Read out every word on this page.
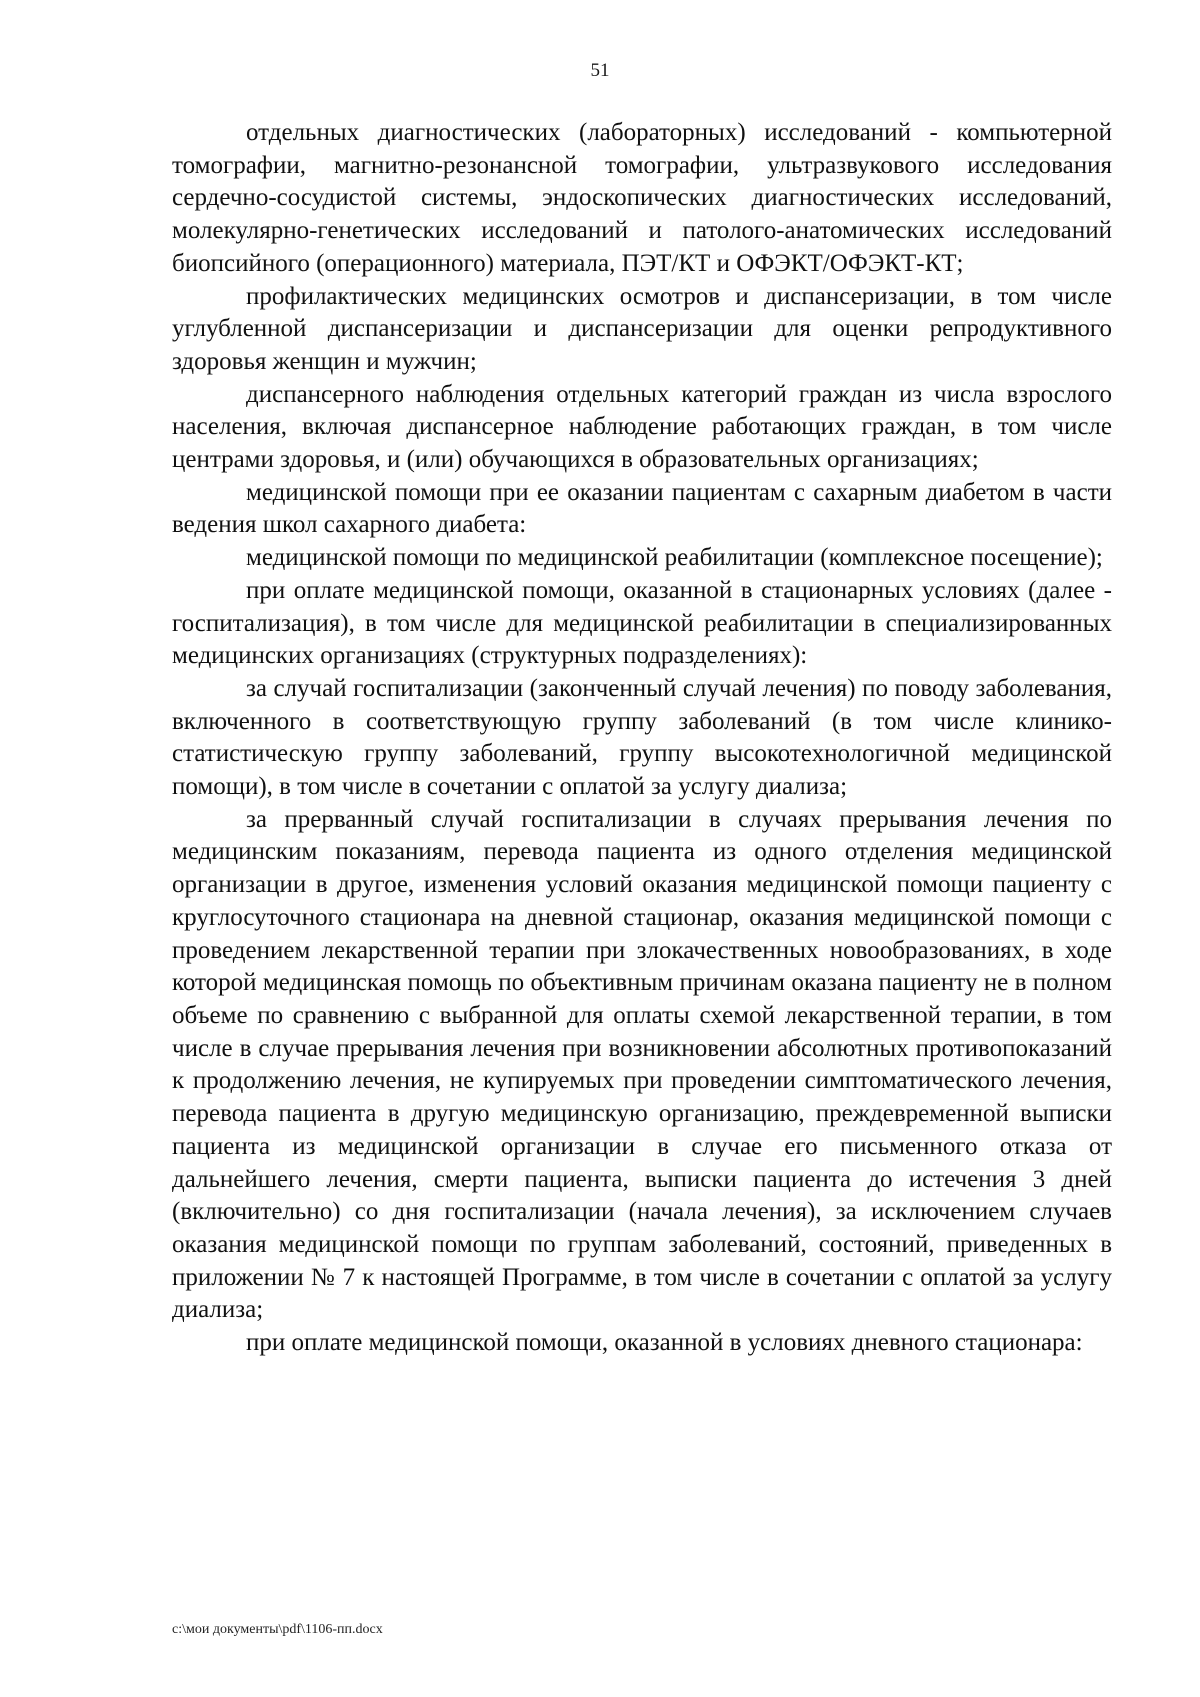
51

отдельных диагностических (лабораторных) исследований - компьютерной томографии, магнитно-резонансной томографии, ультразвукового исследования сердечно-сосудистой системы, эндоскопических диагностических исследований, молекулярно-генетических исследований и патолого-анатомических исследований биопсийного (операционного) материала, ПЭТ/КТ и ОФЭКТ/ОФЭКТ-КТ;

профилактических медицинских осмотров и диспансеризации, в том числе углубленной диспансеризации и диспансеризации для оценки репродуктивного здоровья женщин и мужчин;

диспансерного наблюдения отдельных категорий граждан из числа взрослого населения, включая диспансерное наблюдение работающих граждан, в том числе центрами здоровья, и (или) обучающихся в образовательных организациях;

медицинской помощи при ее оказании пациентам с сахарным диабетом в части ведения школ сахарного диабета:

медицинской помощи по медицинской реабилитации (комплексное посещение);

при оплате медицинской помощи, оказанной в стационарных условиях (далее - госпитализация), в том числе для медицинской реабилитации в специализированных медицинских организациях (структурных подразделениях):

за случай госпитализации (законченный случай лечения) по поводу заболевания, включенного в соответствующую группу заболеваний (в том числе клинико-статистическую группу заболеваний, группу высокотехнологичной медицинской помощи), в том числе в сочетании с оплатой за услугу диализа;

за прерванный случай госпитализации в случаях прерывания лечения по медицинским показаниям, перевода пациента из одного отделения медицинской организации в другое, изменения условий оказания медицинской помощи пациенту с круглосуточного стационара на дневной стационар, оказания медицинской помощи с проведением лекарственной терапии при злокачественных новообразованиях, в ходе которой медицинская помощь по объективным причинам оказана пациенту не в полном объеме по сравнению с выбранной для оплаты схемой лекарственной терапии, в том числе в случае прерывания лечения при возникновении абсолютных противопоказаний к продолжению лечения, не купируемых при проведении симптоматического лечения, перевода пациента в другую медицинскую организацию, преждевременной выписки пациента из медицинской организации в случае его письменного отказа от дальнейшего лечения, смерти пациента, выписки пациента до истечения 3 дней (включительно) со дня госпитализации (начала лечения), за исключением случаев оказания медицинской помощи по группам заболеваний, состояний, приведенных в приложении № 7 к настоящей Программе, в том числе в сочетании с оплатой за услугу диализа;

при оплате медицинской помощи, оказанной в условиях дневного стационара:

c:\мои документы\pdf\1106-пп.docx
